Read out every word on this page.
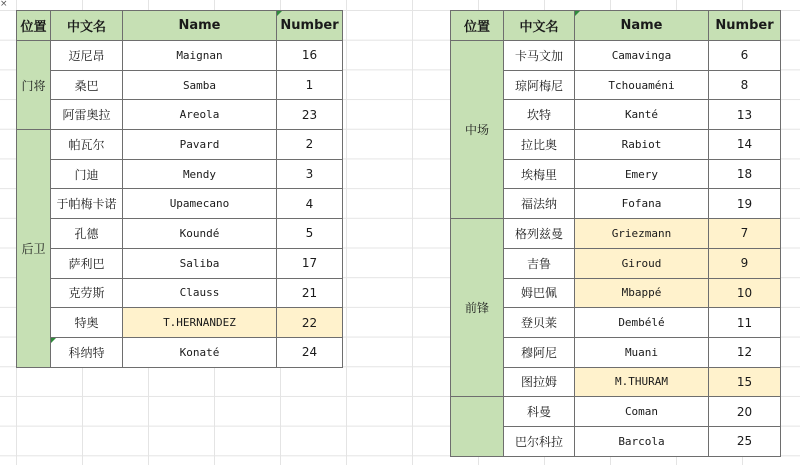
×
位置	中文名	Name	Number
门将	迈尼昂	Maignan	16
	桑巴	Samba	1
	阿雷奥拉	Areola	23
后卫	帕瓦尔	Pavard	2
	门迪	Mendy	3
	于帕梅卡诺	Upamecano	4
	孔德	Koundé	5
	萨利巴	Saliba	17
	克劳斯	Clauss	21
	特奥	T.HERNANDEZ	22
	科纳特	Konaté	24
位置	中文名	Name	Number
中场	卡马文加	Camavinga	6
	琼阿梅尼	Tchouaméni	8
	坎特	Kanté	13
	拉比奥	Rabiot	14
	埃梅里	Emery	18
	福法纳	Fofana	19
前锋	格列兹曼	Griezmann	7
	吉鲁	Giroud	9
	姆巴佩	Mbappé	10
	登贝莱	Dembélé	11
	穆阿尼	Muani	12
	图拉姆	M.THURAM	15
	科曼	Coman	20
	巴尔科拉	Barcola	25
